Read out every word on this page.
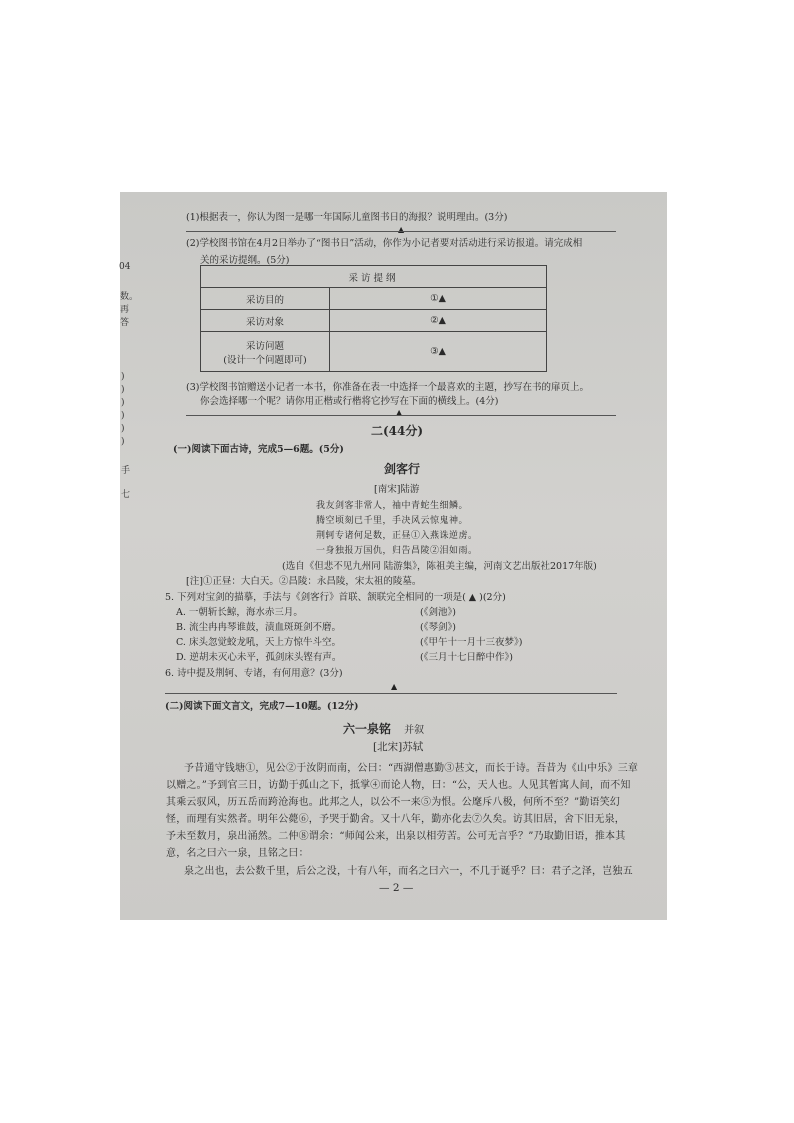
(1)根据表一，你认为图一是哪一年国际儿童图书日的海报？说明理由。(3分)
▲
(2)学校图书馆在4月2日举办了“图书日”活动，你作为小记者要对活动进行采访报道。请完成相
关的采访提纲。(5分)
采访提纲	
采访目的	①▲
采访对象	②▲

采访问题
(设计一个问题即可)	③▲
(3)学校图书馆赠送小记者一本书，你准备在表一中选择一个最喜欢的主题，抄写在书的扉页上。
你会选择哪一个呢？请你用正楷或行楷将它抄写在下面的横线上。(4分)
▲
二(44分)
(一)阅读下面古诗，完成5—6题。(5分)
剑客行
[南宋]陆游
我友剑客非常人，袖中青蛇生细鳞。
腾空顷刻已千里，手决风云惊鬼神。
荆轲专诸何足数，正昼①入燕诛逆虏。
一身独报万国仇，归告昌陵②泪如雨。
(选自《但悲不见九州同 陆游集》，陈祖美主编，河南文艺出版社2017年版)
[注]①正昼：大白天。②昌陵：永昌陵，宋太祖的陵墓。
5. 下列对宝剑的描摹，手法与《剑客行》首联、颔联完全相同的一项是( ▲ )(2分)
A. 一朝斩长鲸，海水赤三月。	(《剑池》)
B. 流尘冉冉琴谁鼓，渍血斑斑剑不磨。	(《琴剑》)
C. 床头忽觉蛟龙吼，天上方惊牛斗空。	(《甲午十一月十三夜梦》)
D. 逆胡未灭心未平，孤剑床头铿有声。	(《三月十七日醉中作》)
6. 诗中提及荆轲、专诸，有何用意？(3分)
▲
(二)阅读下面文言文，完成7—10题。(12分)
六一泉铭 并叙
[北宋]苏轼
予昔通守钱塘①，见公②于汝阴而南，公曰：“西湖僧惠勤③甚文，而长于诗。吾昔为《山中乐》三章
以赠之。”予到官三日，访勤于孤山之下，抵掌④而论人物，曰：“公，天人也。人见其暂寓人间，而不知
其乘云驭风，历五岳而跨沧海也。此邦之人，以公不一来⑤为恨。公麾斥八极，何所不至？”勤语笑幻
怪，而理有实然者。明年公薨⑥，予哭于勤舍。又十八年，勤亦化去⑦久矣。访其旧居，舍下旧无泉，
予未至数月，泉出涌然。二仲⑧谓余：“师闻公来，出泉以相劳苦。公可无言乎？”乃取勤旧语，推本其
意，名之曰六一泉，且铭之曰：
泉之出也，去公数千里，后公之没，十有八年，而名之曰六一，不几于诞乎？曰：君子之泽，岂独五
— 2 —
04
数。
再
答
)
)
)
)
)
)
手
七
